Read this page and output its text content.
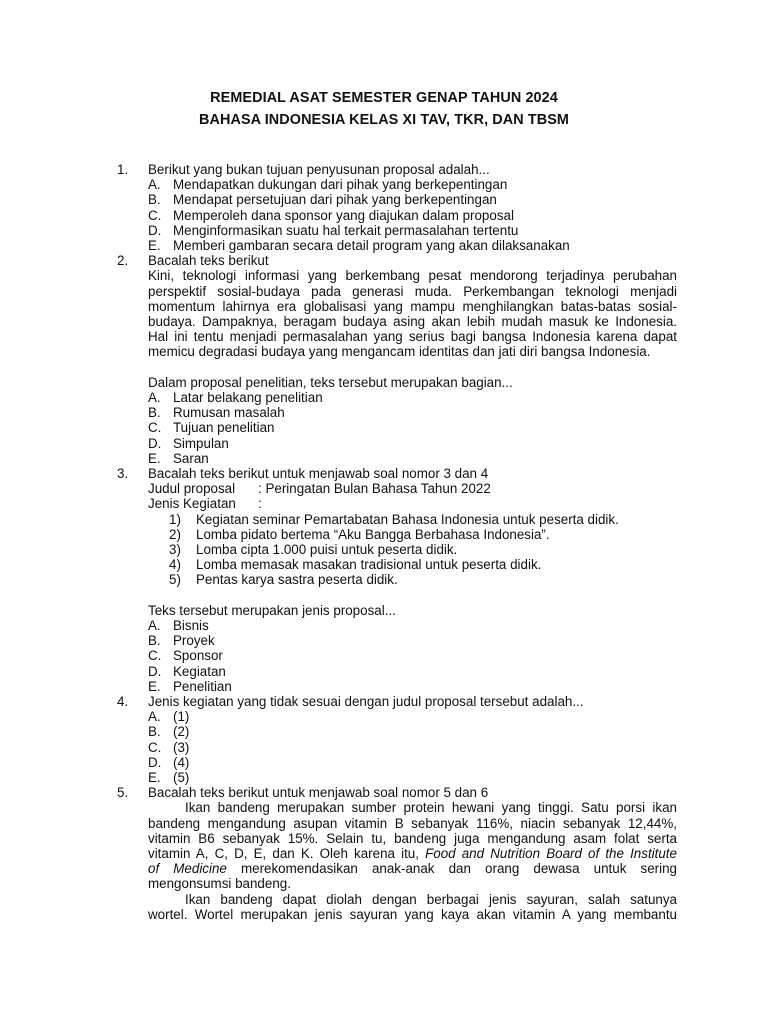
REMEDIAL ASAT SEMESTER GENAP TAHUN 2024
BAHASA INDONESIA KELAS XI TAV, TKR, DAN TBSM
1. Berikut yang bukan tujuan penyusunan proposal adalah...
A. Mendapatkan dukungan dari pihak yang berkepentingan
B. Mendapat persetujuan dari pihak yang berkepentingan
C. Memperoleh dana sponsor yang diajukan dalam proposal
D. Menginformasikan suatu hal terkait permasalahan tertentu
E. Memberi gambaran secara detail program yang akan dilaksanakan
2. Bacalah teks berikut
Kini, teknologi informasi yang berkembang pesat mendorong terjadinya perubahan
perspektif sosial-budaya pada generasi muda. Perkembangan teknologi menjadi
momentum lahirnya era globalisasi yang mampu menghilangkan batas-batas sosial-
budaya. Dampaknya, beragam budaya asing akan lebih mudah masuk ke Indonesia.
Hal ini tentu menjadi permasalahan yang serius bagi bangsa Indonesia karena dapat
memicu degradasi budaya yang mengancam identitas dan jati diri bangsa Indonesia.
Dalam proposal penelitian, teks tersebut merupakan bagian...
A. Latar belakang penelitian
B. Rumusan masalah
C. Tujuan penelitian
D. Simpulan
E. Saran
3. Bacalah teks berikut untuk menjawab soal nomor 3 dan 4
Judul proposal : Peringatan Bulan Bahasa Tahun 2022
Jenis Kegiatan :
1) Kegiatan seminar Pemartabatan Bahasa Indonesia untuk peserta didik.
2) Lomba pidato bertema “Aku Bangga Berbahasa Indonesia”.
3) Lomba cipta 1.000 puisi untuk peserta didik.
4) Lomba memasak masakan tradisional untuk peserta didik.
5) Pentas karya sastra peserta didik.
Teks tersebut merupakan jenis proposal...
A. Bisnis
B. Proyek
C. Sponsor
D. Kegiatan
E. Penelitian
4. Jenis kegiatan yang tidak sesuai dengan judul proposal tersebut adalah...
A. (1)
B. (2)
C. (3)
D. (4)
E. (5)
5. Bacalah teks berikut untuk menjawab soal nomor 5 dan 6
Ikan bandeng merupakan sumber protein hewani yang tinggi. Satu porsi ikan
bandeng mengandung asupan vitamin B sebanyak 116%, niacin sebanyak 12,44%,
vitamin B6 sebanyak 15%. Selain tu, bandeng juga mengandung asam folat serta
vitamin A, C, D, E, dan K. Oleh karena itu, Food and Nutrition Board of the Institute
of Medicine merekomendasikan anak-anak dan orang dewasa untuk sering
mengonsumsi bandeng.
Ikan bandeng dapat diolah dengan berbagai jenis sayuran, salah satunya
wortel. Wortel merupakan jenis sayuran yang kaya akan vitamin A yang membantu
